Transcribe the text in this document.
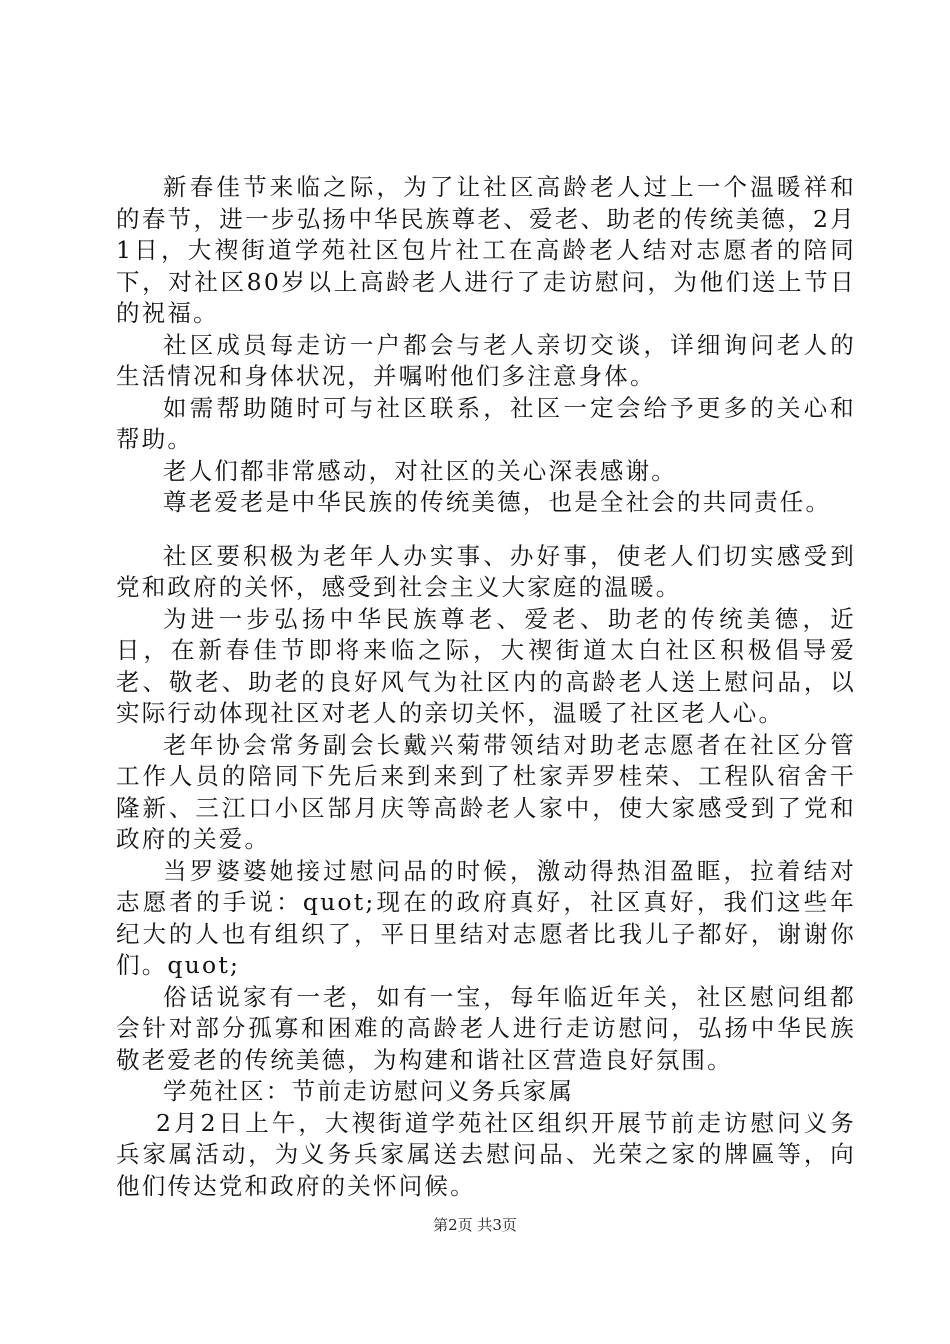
新春佳节来临之际，为了让社区高龄老人过上一个温暖祥和的春节，进一步弘扬中华民族尊老、爱老、助老的传统美德，2月1日，大禊街道学苑社区包片社工在高龄老人结对志愿者的陪同下，对社区80岁以上高龄老人进行了走访慰问，为他们送上节日的祝福。

社区成员每走访一户都会与老人亲切交谈，详细询问老人的生活情况和身体状况，并嘱咐他们多注意身体。

如需帮助随时可与社区联系，社区一定会给予更多的关心和帮助。

老人们都非常感动，对社区的关心深表感谢。

尊老爱老是中华民族的传统美德，也是全社会的共同责任。

社区要积极为老年人办实事、办好事，使老人们切实感受到党和政府的关怀，感受到社会主义大家庭的温暖。

为进一步弘扬中华民族尊老、爱老、助老的传统美德，近日，在新春佳节即将来临之际，大禊街道太白社区积极倡导爱老、敬老、助老的良好风气为社区内的高龄老人送上慰问品，以实际行动体现社区对老人的亲切关怀，温暖了社区老人心。

老年协会常务副会长戴兴菊带领结对助老志愿者在社区分管工作人员的陪同下先后来到来到了杜家弄罗桂荣、工程队宿舍干隆新、三江口小区郜月庆等高龄老人家中，使大家感受到了党和政府的关爱。

当罗婆婆她接过慰问品的时候，激动得热泪盈眶，拉着结对志愿者的手说：quot;现在的政府真好，社区真好，我们这些年纪大的人也有组织了，平日里结对志愿者比我儿子都好，谢谢你们。quot;

俗话说家有一老，如有一宝，每年临近年关，社区慰问组都会针对部分孤寡和困难的高龄老人进行走访慰问，弘扬中华民族敬老爱老的传统美德，为构建和谐社区营造良好氛围。

学苑社区：节前走访慰问义务兵家属

2月2日上午，大禊街道学苑社区组织开展节前走访慰问义务兵家属活动，为义务兵家属送去慰问品、光荣之家的牌匾等，向他们传达党和政府的关怀问候。

第2页 共3页
